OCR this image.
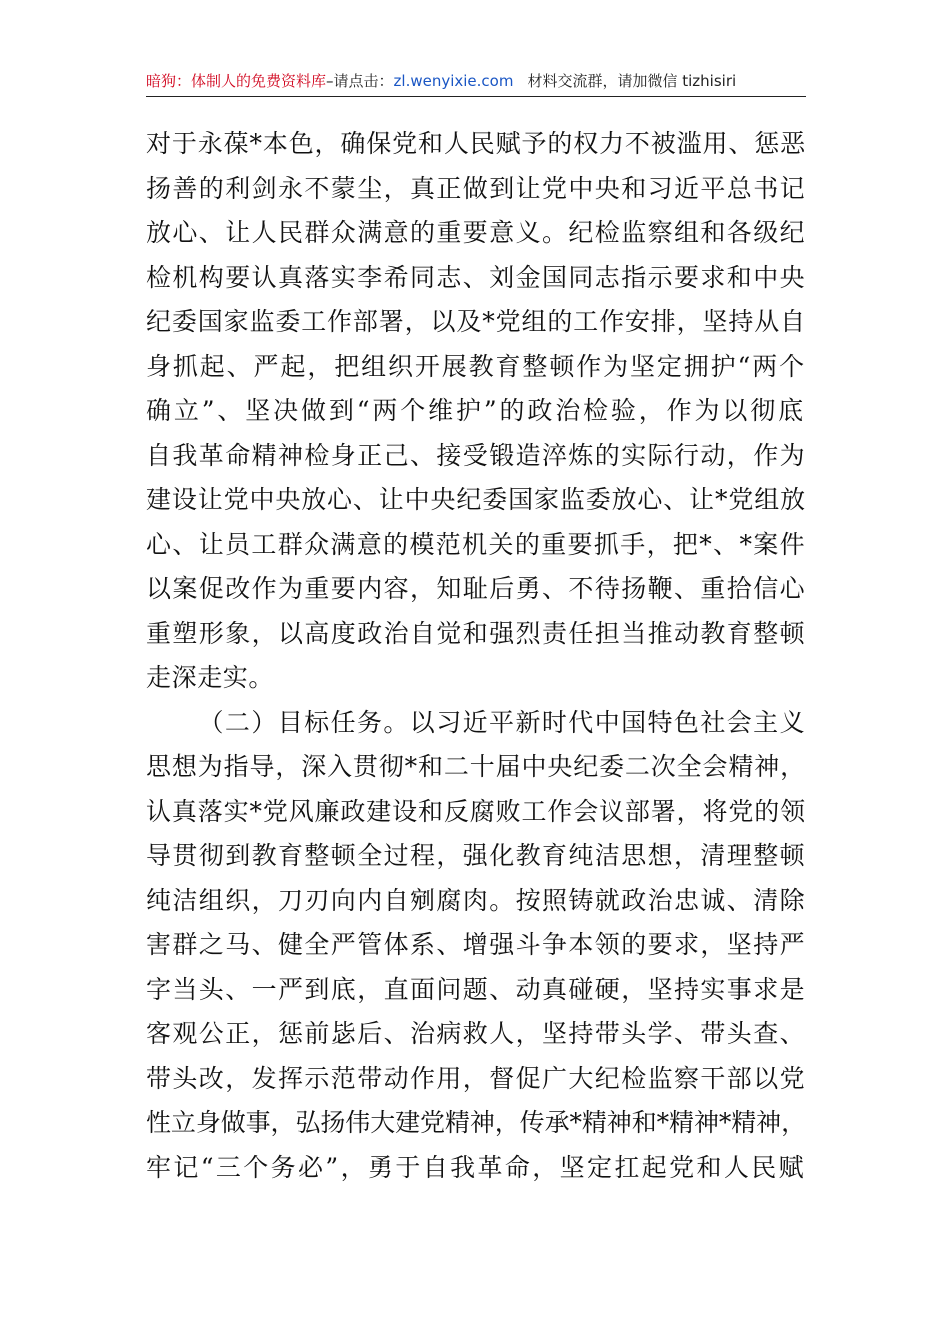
暗狗：体制人的免费资料库–请点击：zl.wenyixie.com 材料交流群，请加微信 tizhisiri

对于永葆*本色，确保党和人民赋予的权力不被滥用、惩恶
扬善的利剑永不蒙尘，真正做到让党中央和习近平总书记
放心、让人民群众满意的重要意义。纪检监察组和各级纪
检机构要认真落实李希同志、刘金国同志指示要求和中央
纪委国家监委工作部署，以及*党组的工作安排，坚持从自
身抓起、严起，把组织开展教育整顿作为坚定拥护“两个
确立”、坚决做到“两个维护”的政治检验，作为以彻底
自我革命精神检身正己、接受锻造淬炼的实际行动，作为
建设让党中央放心、让中央纪委国家监委放心、让*党组放
心、让员工群众满意的模范机关的重要抓手，把*、*案件
以案促改作为重要内容，知耻后勇、不待扬鞭、重拾信心
重塑形象，以高度政治自觉和强烈责任担当推动教育整顿
走深走实。

（二）目标任务。以习近平新时代中国特色社会主义
思想为指导，深入贯彻*和二十届中央纪委二次全会精神，
认真落实*党风廉政建设和反腐败工作会议部署，将党的领
导贯彻到教育整顿全过程，强化教育纯洁思想，清理整顿
纯洁组织，刀刃向内自剜腐肉。按照铸就政治忠诚、清除
害群之马、健全严管体系、增强斗争本领的要求，坚持严
字当头、一严到底，直面问题、动真碰硬，坚持实事求是
客观公正，惩前毖后、治病救人，坚持带头学、带头查、
带头改，发挥示范带动作用，督促广大纪检监察干部以党
性立身做事，弘扬伟大建党精神，传承*精神和*精神*精神，
牢记“三个务必”，勇于自我革命，坚定扛起党和人民赋
